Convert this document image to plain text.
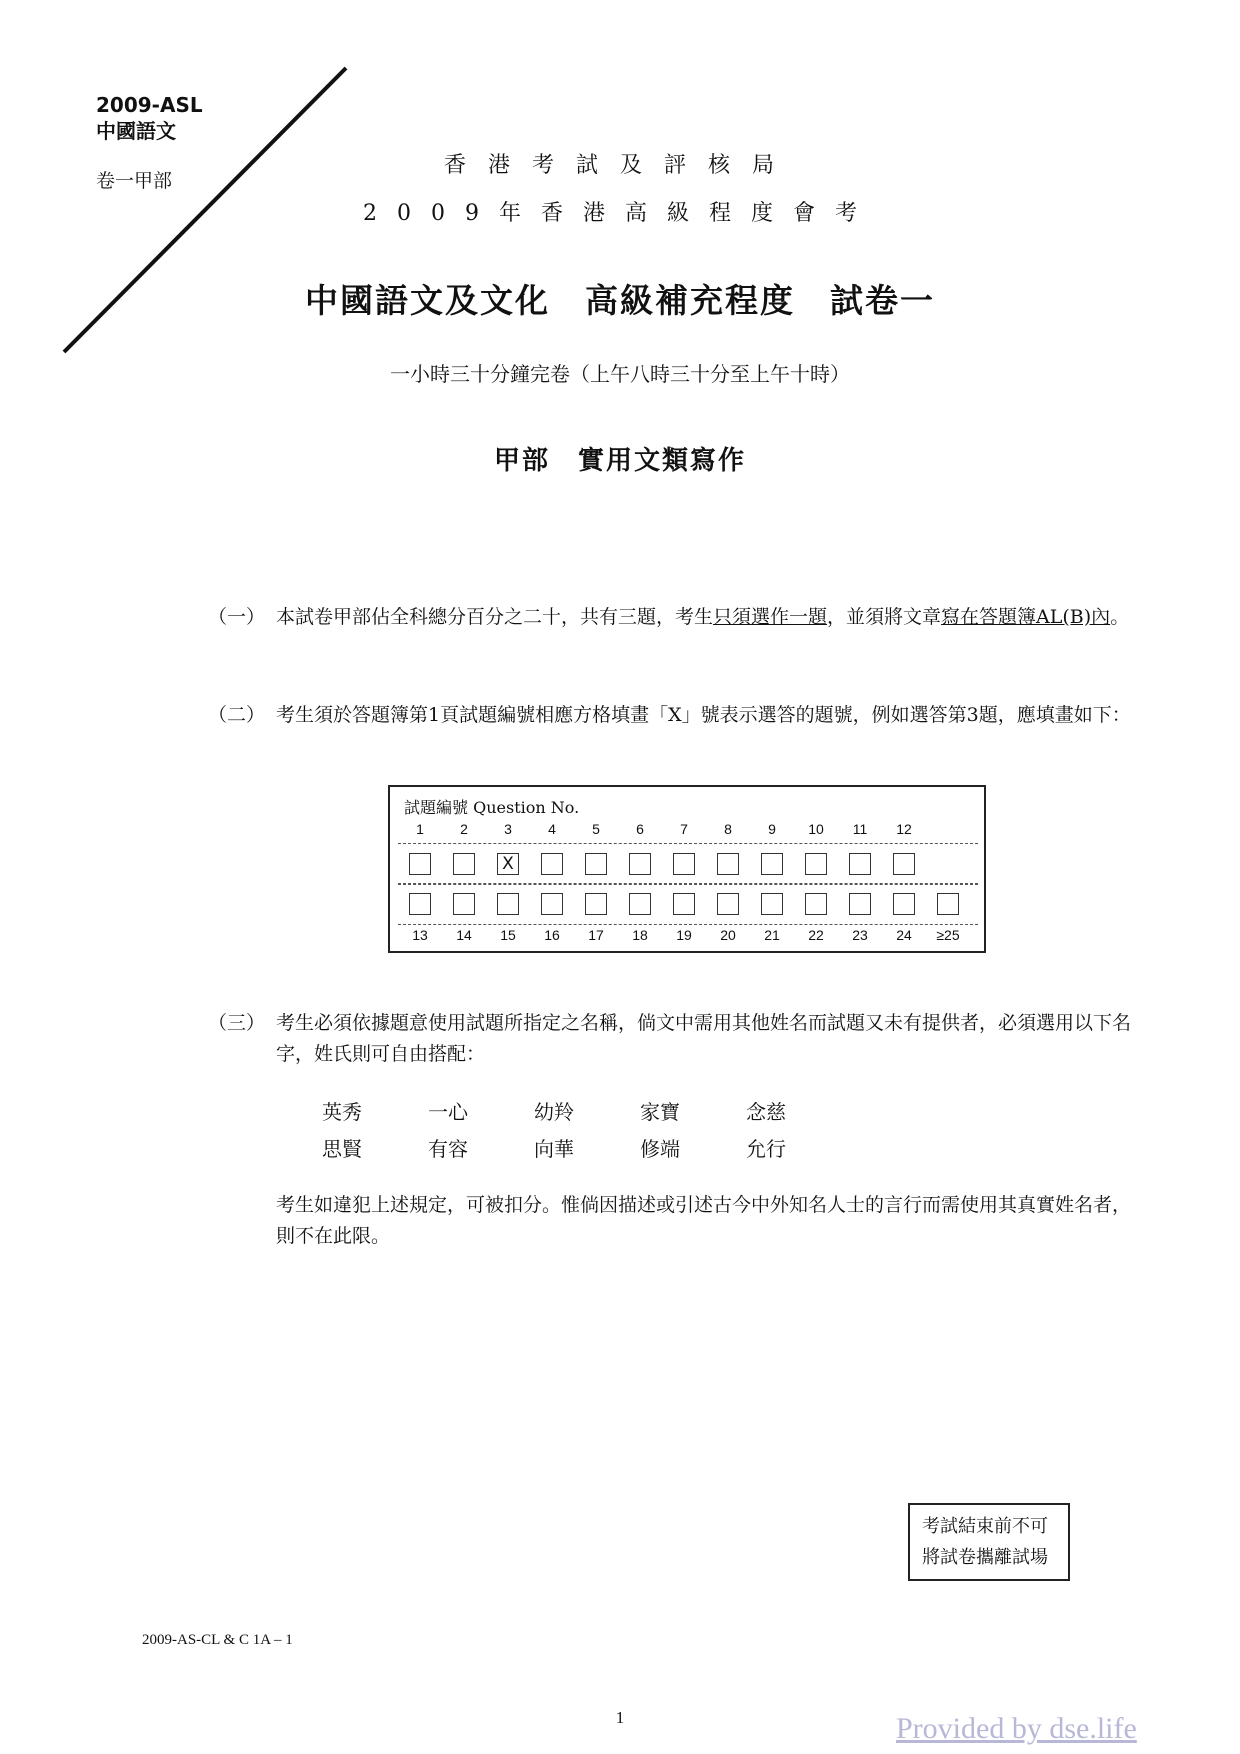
2009-ASL
中國語文
卷一甲部
香港考試及評核局
2009年香港高級程度會考
中國語文及文化　高級補充程度　試卷一
一小時三十分鐘完卷（上午八時三十分至上午十時）
甲部　實用文類寫作
（一） 本試卷甲部佔全科總分百分之二十，共有三題，考生只須選作一題，並須將文章寫在答題簿AL(B)內。
（二） 考生須於答題簿第1頁試題編號相應方格填畫「X」號表示選答的題號，例如選答第3題，應填畫如下：
試題編號 Question No.
1	2	3	4	5	6	7	8	9	10	11	12
X
13	14	15	16	17	18	19	20	21	22	23	24	≥25
（三） 考生必須依據題意使用試題所指定之名稱，倘文中需用其他姓名而試題又未有提供者，必須選用以下名字，姓氏則可自由搭配：
英秀	一心	幼羚	家寶	念慈
思賢	有容	向華	修端	允行
考生如違犯上述規定，可被扣分。惟倘因描述或引述古今中外知名人士的言行而需使用其真實姓名者，則不在此限。
考試結束前不可
將試卷攜離試場
2009-AS-CL & C 1A – 1
1	Provided by dse.life
